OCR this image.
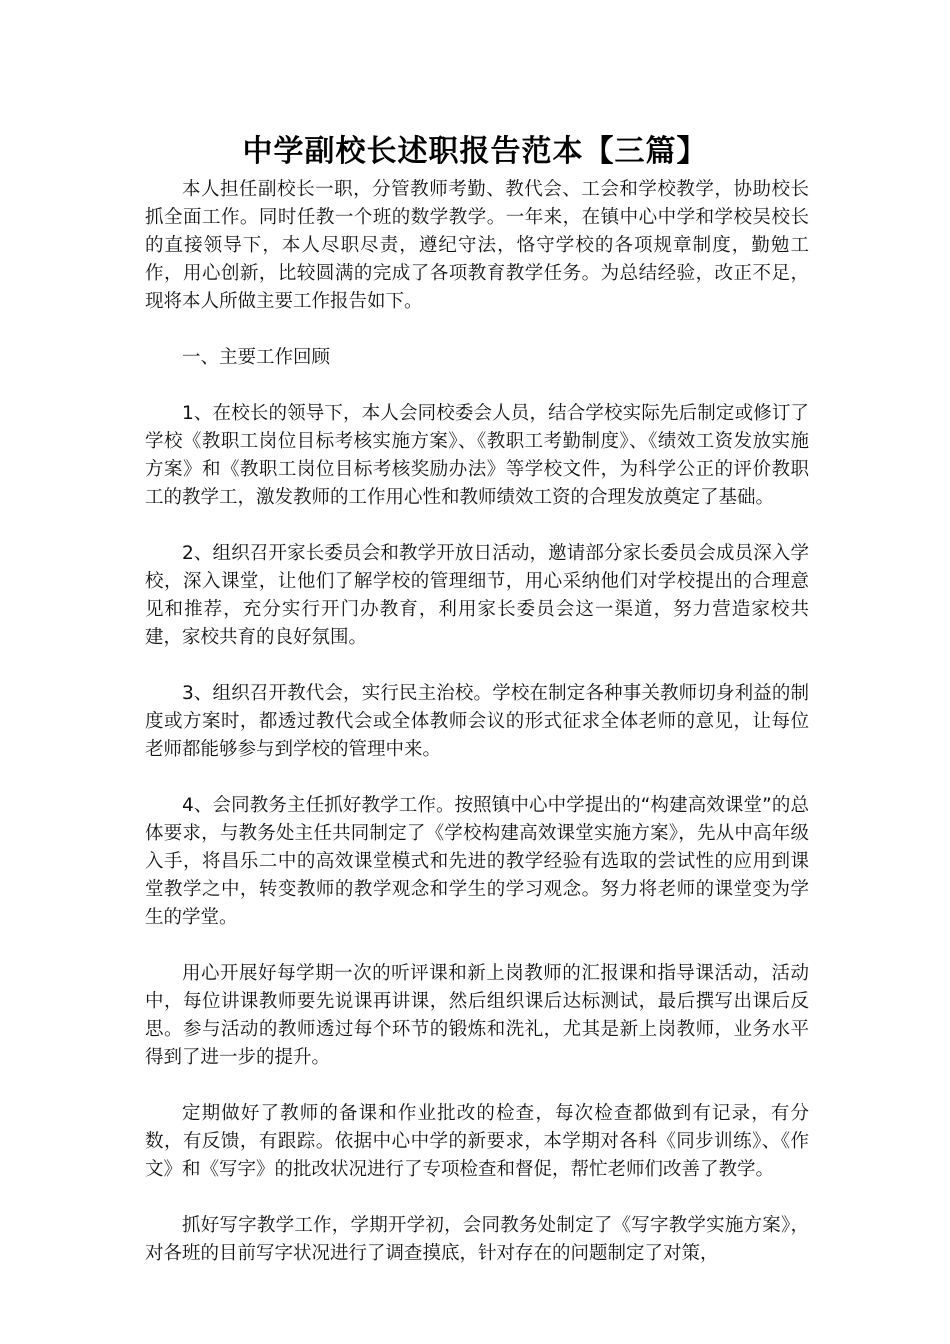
中学副校长述职报告范本【三篇】

本人担任副校长一职，分管教师考勤、教代会、工会和学校教学，协助校长抓全面工作。同时任教一个班的数学教学。一年来，在镇中心中学和学校吴校长的直接领导下，本人尽职尽责，遵纪守法，恪守学校的各项规章制度，勤勉工作，用心创新，比较圆满的完成了各项教育教学任务。为总结经验，改正不足，现将本人所做主要工作报告如下。

一、主要工作回顾

1、在校长的领导下，本人会同校委会人员，结合学校实际先后制定或修订了学校《教职工岗位目标考核实施方案》、《教职工考勤制度》、《绩效工资发放实施方案》和《教职工岗位目标考核奖励办法》等学校文件，为科学公正的评价教职工的教学工，激发教师的工作用心性和教师绩效工资的合理发放奠定了基础。

2、组织召开家长委员会和教学开放日活动，邀请部分家长委员会成员深入学校，深入课堂，让他们了解学校的管理细节，用心采纳他们对学校提出的合理意见和推荐，充分实行开门办教育，利用家长委员会这一渠道，努力营造家校共建，家校共育的良好氛围。

3、组织召开教代会，实行民主治校。学校在制定各种事关教师切身利益的制度或方案时，都透过教代会或全体教师会议的形式征求全体老师的意见，让每位老师都能够参与到学校的管理中来。

4、会同教务主任抓好教学工作。按照镇中心中学提出的“构建高效课堂”的总体要求，与教务处主任共同制定了《学校构建高效课堂实施方案》，先从中高年级入手，将昌乐二中的高效课堂模式和先进的教学经验有选取的尝试性的应用到课堂教学之中，转变教师的教学观念和学生的学习观念。努力将老师的课堂变为学生的学堂。

用心开展好每学期一次的听评课和新上岗教师的汇报课和指导课活动，活动中，每位讲课教师要先说课再讲课，然后组织课后达标测试，最后撰写出课后反思。参与活动的教师透过每个环节的锻炼和洗礼，尤其是新上岗教师，业务水平得到了进一步的提升。

定期做好了教师的备课和作业批改的检查，每次检查都做到有记录，有分数，有反馈，有跟踪。依据中心中学的新要求，本学期对各科《同步训练》、《作文》和《写字》的批改状况进行了专项检查和督促，帮忙老师们改善了教学。

抓好写字教学工作，学期开学初，会同教务处制定了《写字教学实施方案》，对各班的目前写字状况进行了调查摸底，针对存在的问题制定了对策，
